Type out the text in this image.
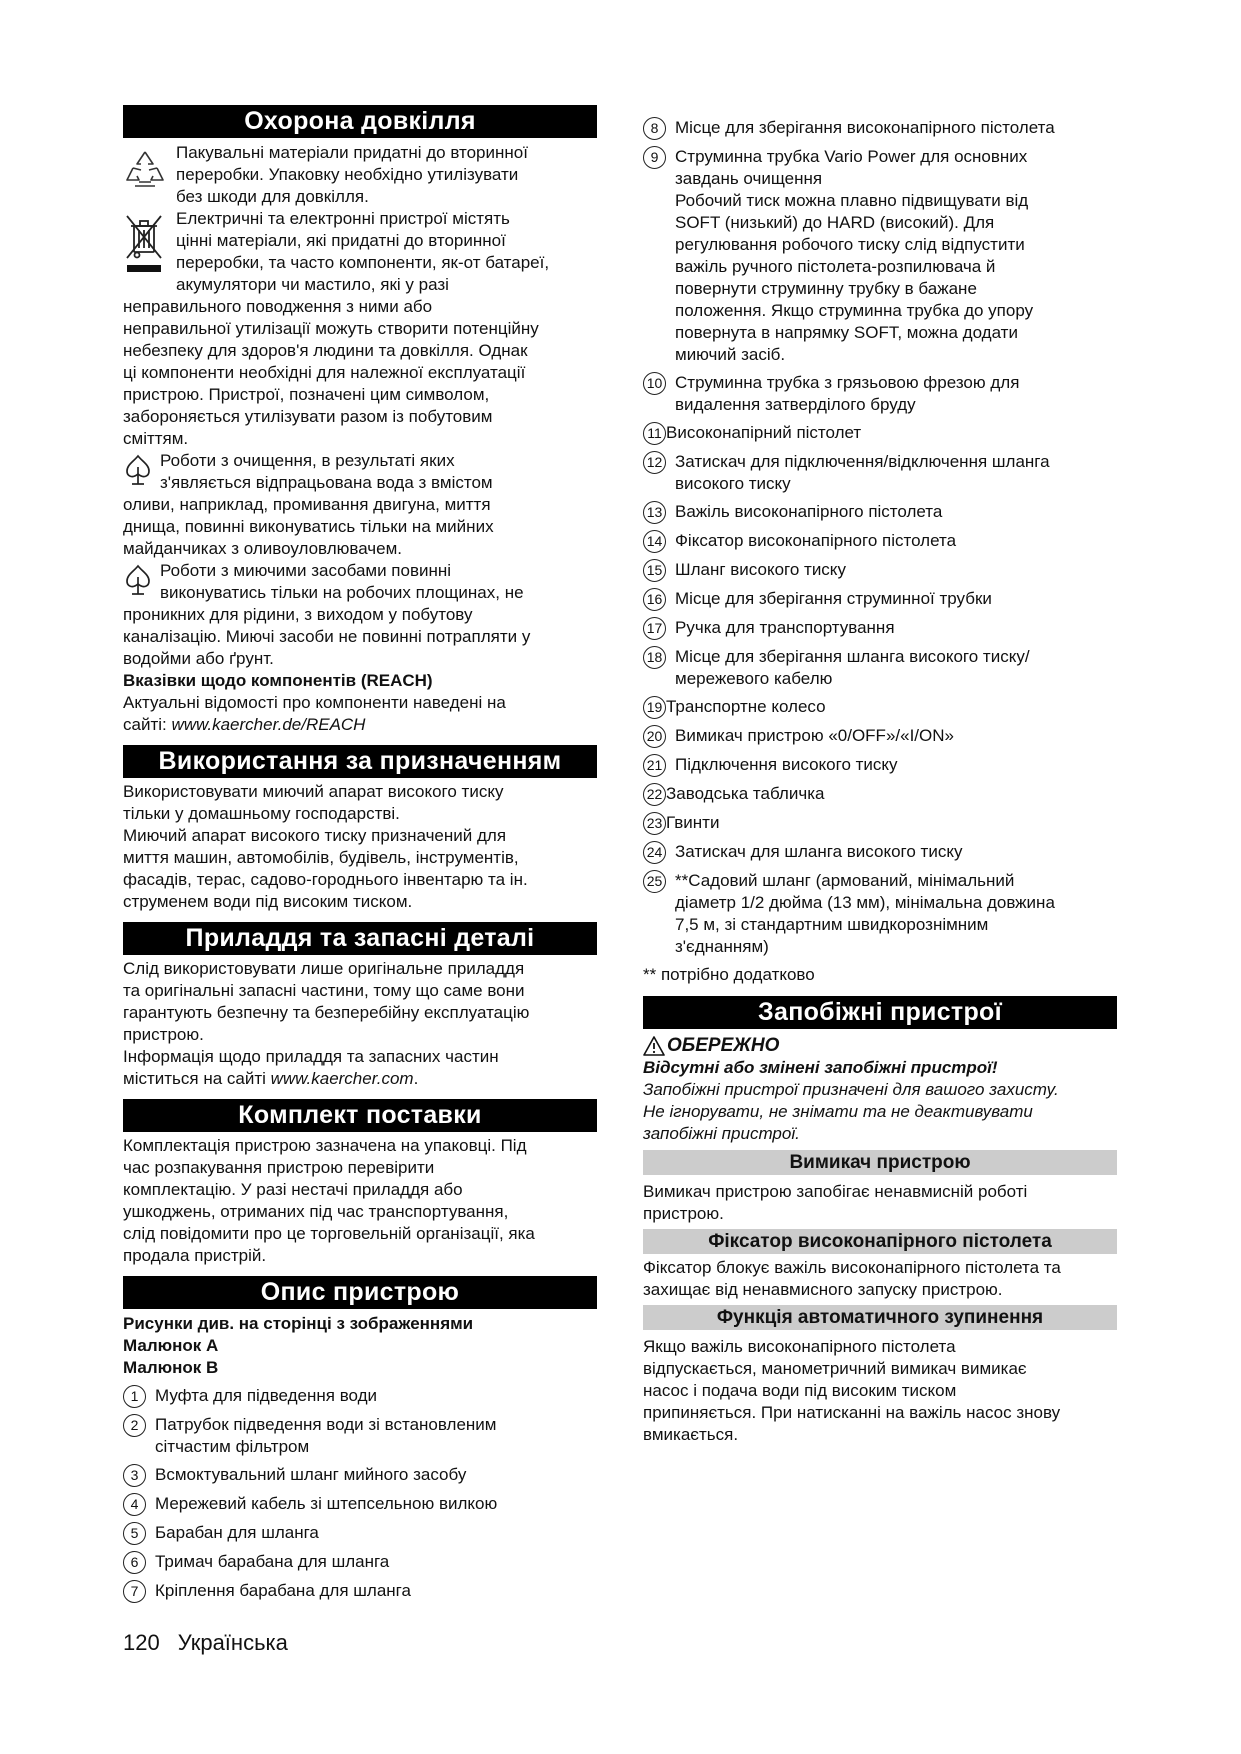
Охорона довкілля
Пакувальні матеріали придатні до вторинної
переробки. Упаковку необхідно утилізувати
без шкоди для довкілля.
Електричні та електронні пристрої містять
цінні матеріали, які придатні до вторинної
переробки, та часто компоненти, як-от батареї,
акумулятори чи мастило, які у разі
неправильного поводження з ними або
неправильної утилізації можуть створити потенційну
небезпеку для здоров'я людини та довкілля. Однак
ці компоненти необхідні для належної експлуатації
пристрою. Пристрої, позначені цим символом,
забороняється утилізувати разом із побутовим
сміттям.
Роботи з очищення, в результаті яких
з'являється відпрацьована вода з вмістом
оливи, наприклад, промивання двигуна, миття
днища, повинні виконуватись тільки на мийних
майданчиках з оливоуловлювачем.
Роботи з миючими засобами повинні
виконуватись тільки на робочих площинах, не
проникних для рідини, з виходом у побутову
каналізацію. Миючі засоби не повинні потрапляти у
водойми або ґрунт.
Вказівки щодо компонентів (REACH)
Актуальні відомості про компоненти наведені на
сайті: www.kaercher.de/REACH
Використання за призначенням
Використовувати миючий апарат високого тиску
тільки у домашньому господарстві.
Миючий апарат високого тиску призначений для
миття машин, автомобілів, будівель, інструментів,
фасадів, терас, садово-городнього інвентарю та ін.
струменем води під високим тиском.
Приладдя та запасні деталі
Слід використовувати лише оригінальне приладдя
та оригінальні запасні частини, тому що саме вони
гарантують безпечну та безперебійну експлуатацію
пристрою.
Інформація щодо приладдя та запасних частин
міститься на сайті www.kaercher.com.
Комплект поставки
Комплектація пристрою зазначена на упаковці. Під
час розпакування пристрою перевірити
комплектацію. У разі нестачі приладдя або
ушкоджень, отриманих під час транспортування,
слід повідомити про це торговельній організації, яка
продала пристрій.
Опис пристрою
Рисунки див. на сторінці з зображеннями
Малюнок A
Малюнок B
1 Муфта для підведення води
2 Патрубок підведення води зі встановленим
сітчастим фільтром
3 Всмоктувальний шланг мийного засобу
4 Мережевий кабель зі штепсельною вилкою
5 Барабан для шланга
6 Тримач барабана для шланга
7 Кріплення барабана для шланга
8 Місце для зберігання високонапірного пістолета
9 Струминна трубка Vario Power для основних
завдань очищення
Робочий тиск можна плавно підвищувати від
SOFT (низький) до HARD (високий). Для
регулювання робочого тиску слід відпустити
важіль ручного пістолета-розпилювача й
повернути струминну трубку в бажане
положення. Якщо струминна трубка до упору
повернута в напрямку SOFT, можна додати
миючий засіб.
10 Струминна трубка з грязьовою фрезою для
видалення затверділого бруду
11 Високонапірний пістолет
12 Затискач для підключення/відключення шланга
високого тиску
13 Важіль високонапірного пістолета
14 Фіксатор високонапірного пістолета
15 Шланг високого тиску
16 Місце для зберігання струминної трубки
17 Ручка для транспортування
18 Місце для зберігання шланга високого тиску/
мережевого кабелю
19 Транспортне колесо
20 Вимикач пристрою «0/OFF»/«I/ON»
21 Підключення високого тиску
22 Заводська табличка
23 Гвинти
24 Затискач для шланга високого тиску
25 **Садовий шланг (армований, мінімальний
діаметр 1/2 дюйма (13 мм), мінімальна довжина
7,5 м, зі стандартним швидкорознімним
з'єднанням)
** потрібно додатково
Запобіжні пристрої
ОБЕРЕЖНО
Відсутні або змінені запобіжні пристрої!
Запобіжні пристрої призначені для вашого захисту.
Не ігнорувати, не знімати та не деактивувати
запобіжні пристрої.
Вимикач пристрою
Вимикач пристрою запобігає ненавмисній роботі
пристрою.
Фіксатор високонапірного пістолета
Фіксатор блокує важіль високонапірного пістолета та
захищає від ненавмисного запуску пристрою.
Функція автоматичного зупинення
Якщо важіль високонапірного пістолета
відпускається, манометричний вимикач вимикає
насос і подача води під високим тиском
припиняється. При натисканні на важіль насос знову
вмикається.
120 Українська
